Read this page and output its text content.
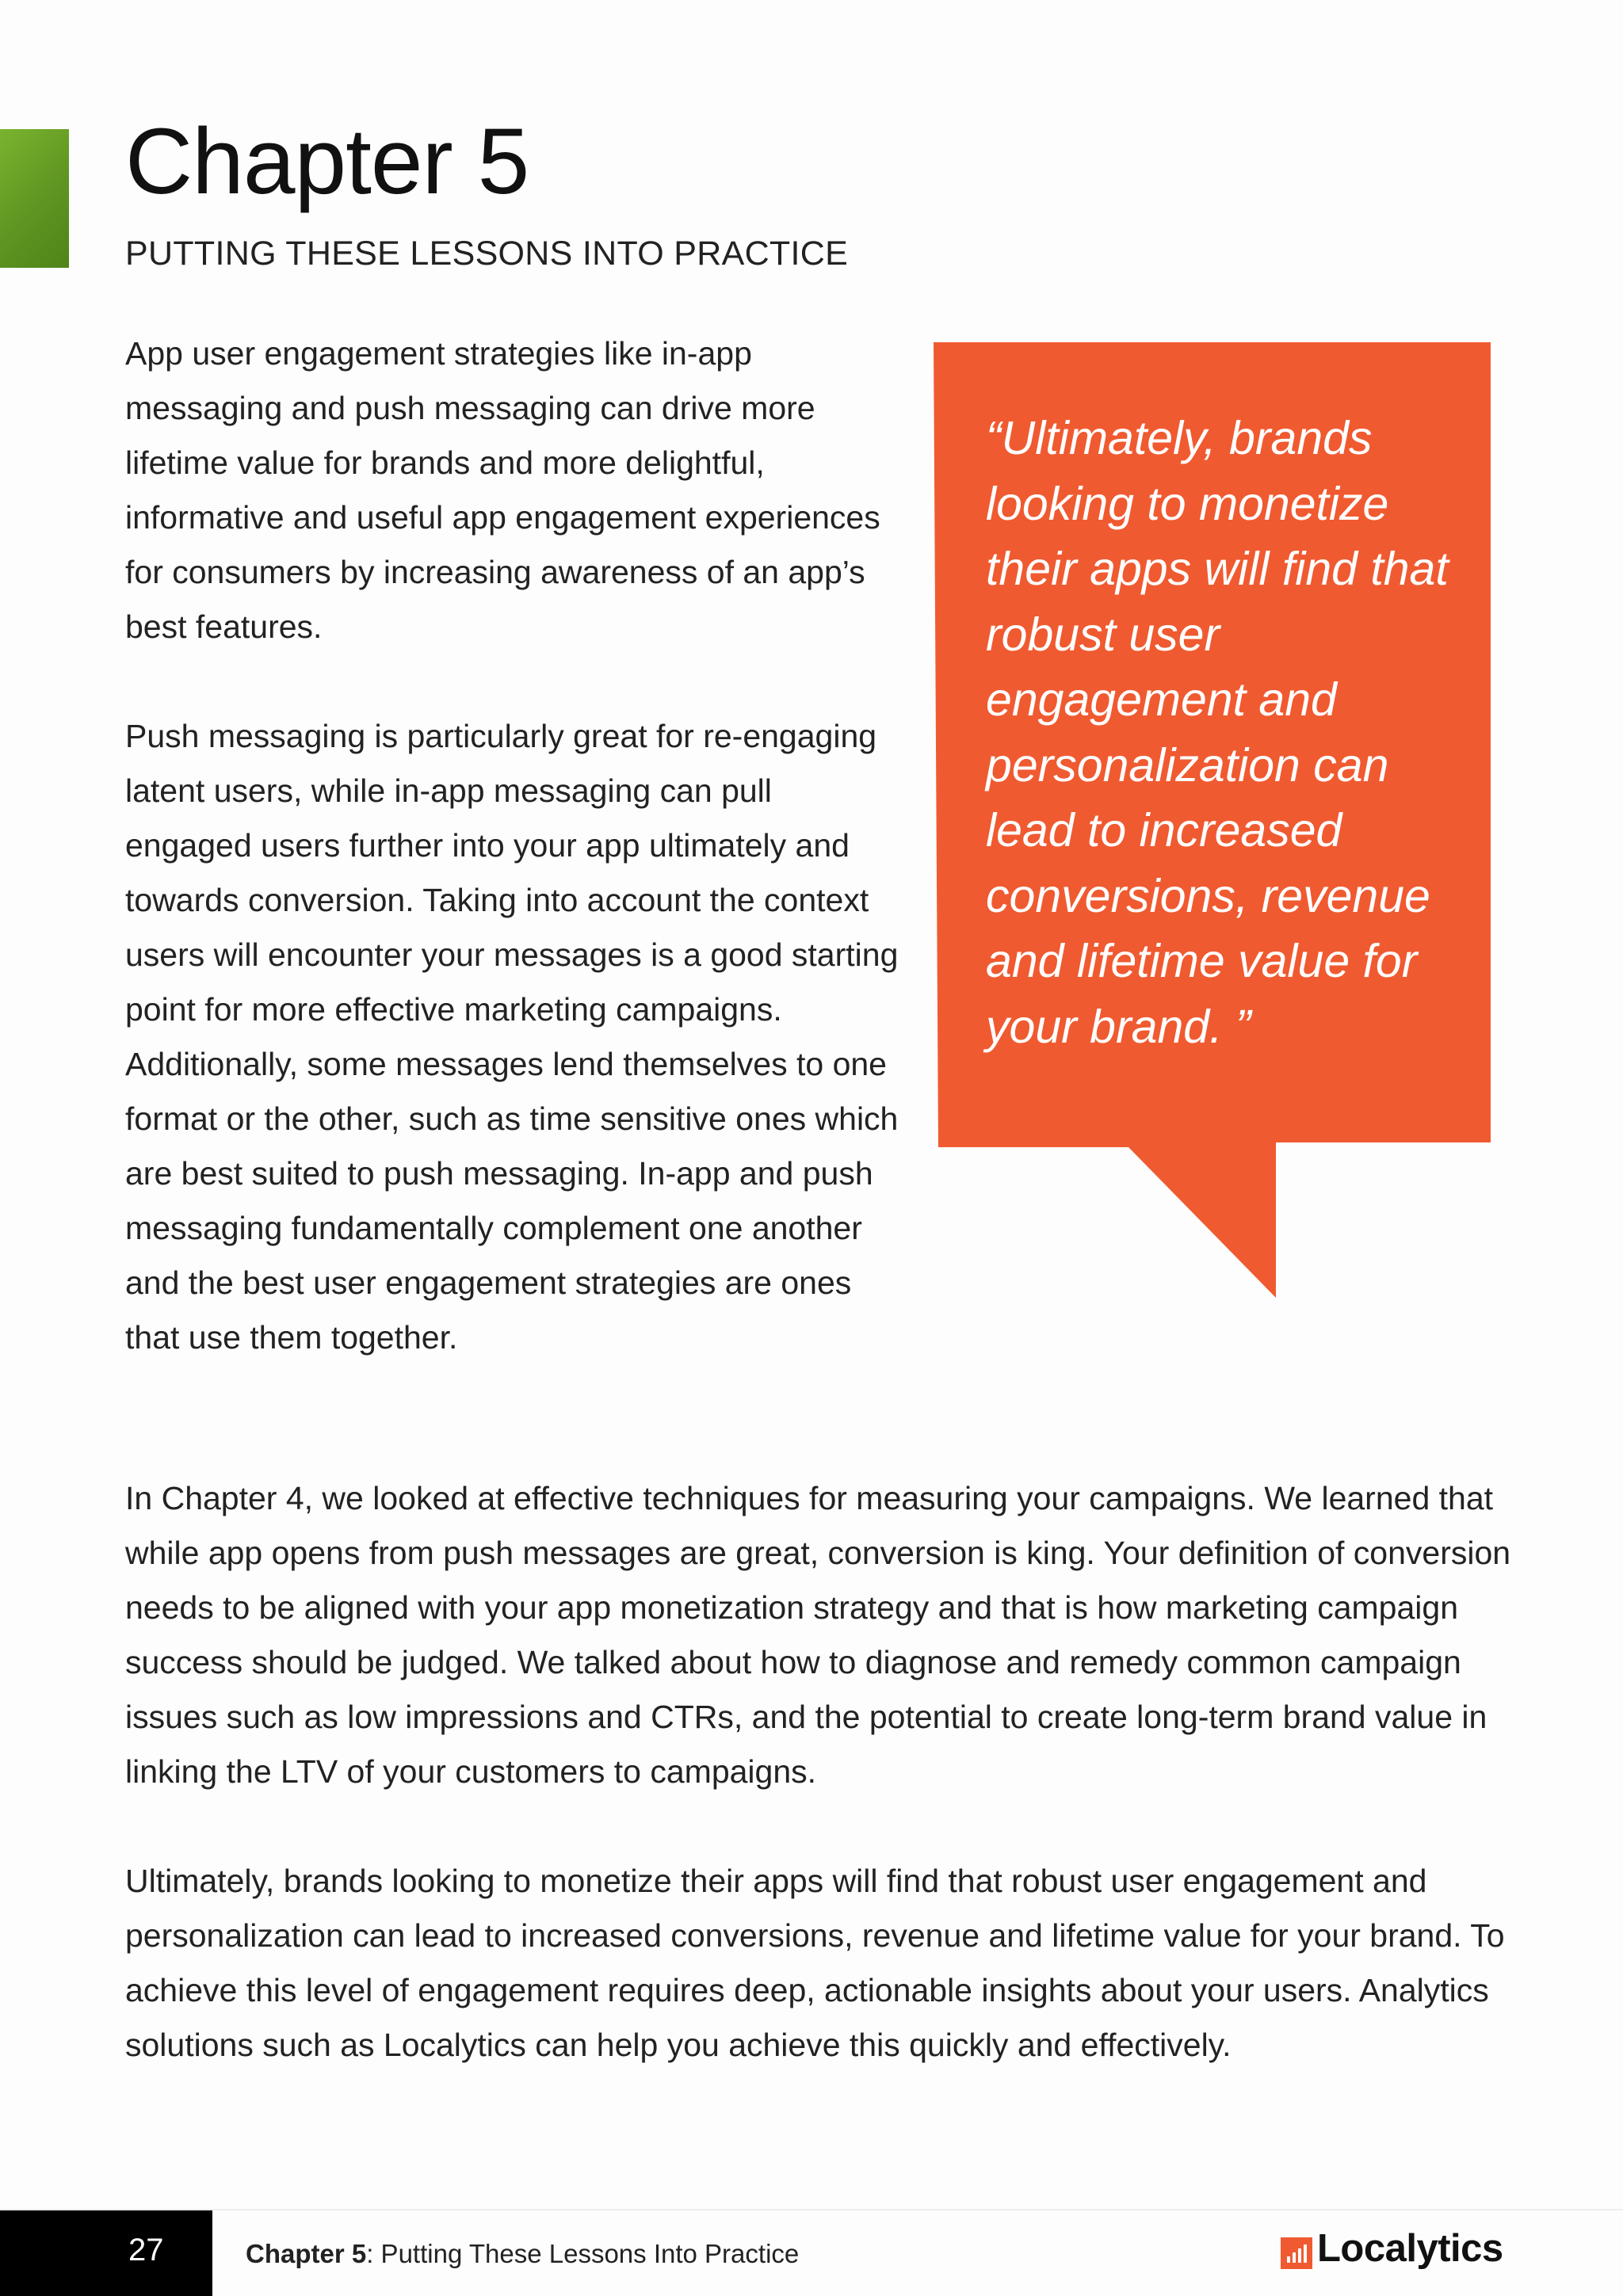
Chapter 5
PUTTING THESE LESSONS INTO PRACTICE

App user engagement strategies like in-app messaging and push messaging can drive more lifetime value for brands and more delightful, informative and useful app engagement experiences for consumers by increasing awareness of an app’s best features.

Push messaging is particularly great for re-engaging latent users, while in-app messaging can pull engaged users further into your app ultimately and towards conversion. Taking into account the context users will encounter your messages is a good starting point for more effective marketing campaigns. Additionally, some messages lend themselves to one format or the other, such as time sensitive ones which are best suited to push messaging. In-app and push messaging fundamentally complement one another and the best user engagement strategies are ones that use them together.

“Ultimately, brands looking to monetize their apps will find that robust user engagement and personalization can lead to increased conversions, revenue and lifetime value for your brand. ”

In Chapter 4, we looked at effective techniques for measuring your campaigns. We learned that while app opens from push messages are great, conversion is king. Your definition of conversion needs to be aligned with your app monetization strategy and that is how marketing campaign success should be judged. We talked about how to diagnose and remedy common campaign issues such as low impressions and CTRs, and the potential to create long-term brand value in linking the LTV of your customers to campaigns.

Ultimately, brands looking to monetize their apps will find that robust user engagement and personalization can lead to increased conversions, revenue and lifetime value for your brand. To achieve this level of engagement requires deep, actionable insights about your users. Analytics solutions such as Localytics can help you achieve this quickly and effectively.

27	Chapter 5: Putting These Lessons Into Practice	Localytics
